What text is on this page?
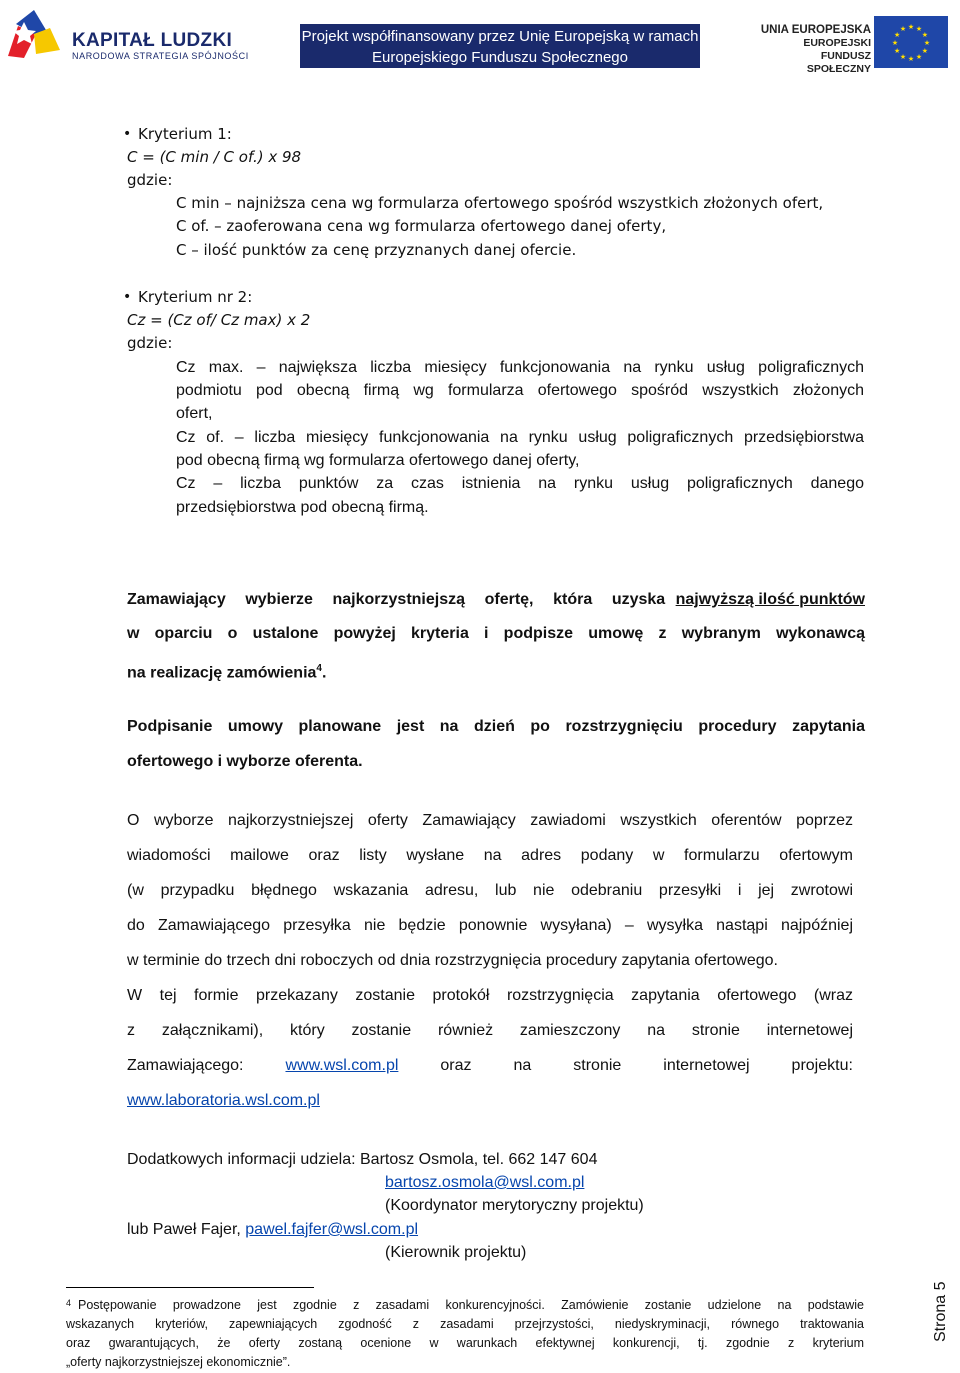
KAPITAŁ LUDZKI
NARODOWA STRATEGIA SPÓJNOŚCI
Projekt współfinansowany przez Unię Europejską w ramach
Europejskiego Funduszu Społecznego
UNIA EUROPEJSKA
EUROPEJSKI
FUNDUSZ SPOŁECZNY
★ ★
★
★
★
★
★
★
★
★
★
★
• Kryterium 1:
C = (C min / C of.) x 98
gdzie:
C min – najniższa cena wg formularza ofertowego spośród wszystkich złożonych ofert,
C of. – zaoferowana cena wg formularza ofertowego danej oferty,
C – ilość punktów za cenę przyznanych danej ofercie.
• Kryterium nr 2:
Cz = (Cz of/ Cz max) x 2
gdzie:
Cz max. – największa liczba miesięcy funkcjonowania na rynku usług poligraficznych
podmiotu pod obecną firmą wg formularza ofertowego spośród wszystkich złożonych
ofert,
Cz of. – liczba miesięcy funkcjonowania na rynku usług poligraficznych przedsiębiorstwa
pod obecną firmą wg formularza ofertowego danej oferty,
Cz – liczba punktów za czas istnienia na rynku usług poligraficznych danego
przedsiębiorstwa pod obecną firmą.
Zamawiający wybierze najkorzystniejszą ofertę, która uzyska najwyższą ilość punktów
w oparciu o ustalone powyżej kryteria i podpisze umowę z wybranym wykonawcą
na realizację zamówienia$^4$.
Podpisanie umowy planowane jest na dzień po rozstrzygnięciu procedury zapytania
ofertowego i wyborze oferenta.
O wyborze najkorzystniejszej oferty Zamawiający zawiadomi wszystkich oferentów poprzez
wiadomości mailowe oraz listy wysłane na adres podany w formularzu ofertowym
(w przypadku błędnego wskazania adresu, lub nie odebraniu przesyłki i jej zwrotowi
do Zamawiającego przesyłka nie będzie ponownie wysyłana) – wysyłka nastąpi najpóźniej
w terminie do trzech dni roboczych od dnia rozstrzygnięcia procedury zapytania ofertowego.
W tej formie przekazany zostanie protokół rozstrzygnięcia zapytania ofertowego (wraz
z załącznikami), który zostanie również zamieszczony na stronie internetowej
Zamawiającego:	www.wsl.com.pl	oraz	na	stronie	internetowej	projektu:
www.laboratoria.wsl.com.pl
Dodatkowych informacji udziela: Bartosz Osmola, tel. 662 147 604
bartosz.osmola@wsl.com.pl
(Koordynator merytoryczny projektu)
lub Paweł Fajer, pawel.fajfer@wsl.com.pl
(Kierownik projektu)
4 Postępowanie prowadzone jest zgodnie z zasadami konkurencyjności. Zamówienie zostanie udzielone na podstawie
wskazanych kryteriów, zapewniających zgodność z zasadami przejrzystości, niedyskryminacji, równego traktowania
oraz gwarantujących, że oferty zostaną ocenione w warunkach efektywnej konkurencji, tj. zgodnie z kryterium
„oferty najkorzystniejszej ekonomicznie”.
Strona 5
